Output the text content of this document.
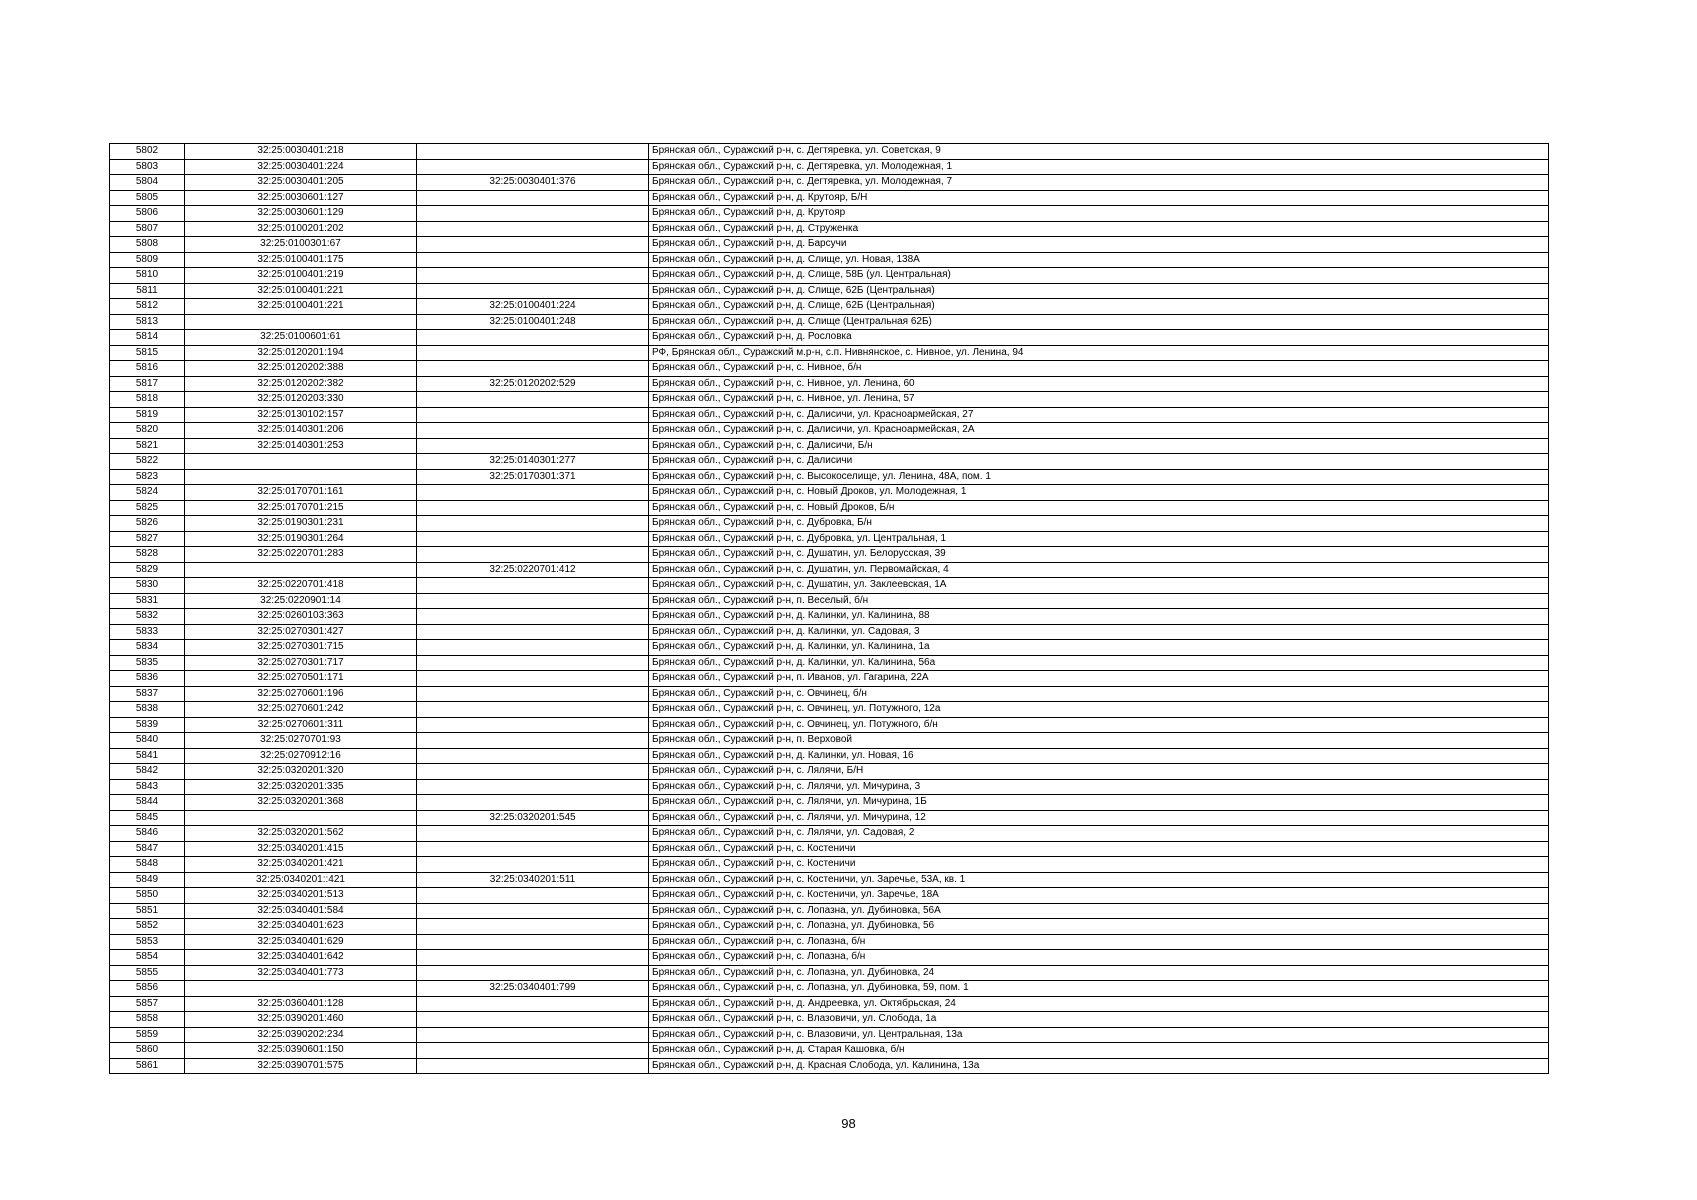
5802	32:25:0030401:218		Брянская обл., Суражский р-н, с. Дегтяревка, ул. Советская, 9
5803	32:25:0030401:224		Брянская обл., Суражский р-н, с. Дегтяревка, ул. Молодежная, 1
5804	32:25:0030401:205	32:25:0030401:376	Брянская обл., Суражский р-н, с. Дегтяревка, ул. Молодежная, 7
5805	32:25:0030601:127		Брянская обл., Суражский р-н, д. Крутояр, Б/Н
5806	32:25:0030601:129		Брянская обл., Суражский р-н, д. Крутояр
5807	32:25:0100201:202		Брянская обл., Суражский р-н, д. Струженка
5808	32:25:0100301:67		Брянская обл., Суражский р-н, д. Барсучи
5809	32:25:0100401:175		Брянская обл., Суражский р-н, д. Слище, ул. Новая, 138А
5810	32:25:0100401:219		Брянская обл., Суражский р-н, д. Слище, 58Б (ул. Центральная)
5811	32:25:0100401:221		Брянская обл., Суражский р-н, д. Слище, 62Б (Центральная)
5812	32:25:0100401:221	32:25:0100401:224	Брянская обл., Суражский р-н, д. Слище, 62Б (Центральная)
5813		32:25:0100401:248	Брянская обл., Суражский р-н, д. Слище (Центральная 62Б)
5814	32:25:0100601:61		Брянская обл., Суражский р-н, д. Рословка
5815	32:25:0120201:194		РФ, Брянская обл., Суражский м.р-н, с.п. Нивнянское, с. Нивное, ул. Ленина, 94
5816	32:25:0120202:388		Брянская обл., Суражский р-н, с. Нивное, б/н
5817	32:25:0120202:382	32:25:0120202:529	Брянская обл., Суражский р-н, с. Нивное, ул. Ленина, 60
5818	32:25:0120203:330		Брянская обл., Суражский р-н, с. Нивное, ул. Ленина, 57
5819	32:25:0130102:157		Брянская обл., Суражский р-н, с. Далисичи, ул. Красноармейская, 27
5820	32:25:0140301:206		Брянская обл., Суражский р-н, с. Далисичи, ул. Красноармейская, 2А
5821	32:25:0140301:253		Брянская обл., Суражский р-н, с. Далисичи, Б/н
5822		32:25:0140301:277	Брянская обл., Суражский р-н, с. Далисичи
5823		32:25:0170301:371	Брянская обл., Суражский р-н, с. Высокоселище, ул. Ленина, 48А, пом. 1
5824	32:25:0170701:161		Брянская обл., Суражский р-н, с. Новый Дроков, ул. Молодежная, 1
5825	32:25:0170701:215		Брянская обл., Суражский р-н, с. Новый Дроков, Б/н
5826	32:25:0190301:231		Брянская обл., Суражский р-н, с. Дубровка, Б/н
5827	32:25:0190301:264		Брянская обл., Суражский р-н, с. Дубровка, ул. Центральная, 1
5828	32:25:0220701:283		Брянская обл., Суражский р-н, с. Душатин, ул. Белорусская, 39
5829		32:25:0220701:412	Брянская обл., Суражский р-н, с. Душатин, ул. Первомайская, 4
5830	32:25:0220701:418		Брянская обл., Суражский р-н, с. Душатин, ул. Заклеевская, 1А
5831	32:25:0220901:14		Брянская обл., Суражский р-н, п. Веселый, б/н
5832	32:25:0260103:363		Брянская обл., Суражский р-н, д. Калинки, ул. Калинина, 88
5833	32:25:0270301:427		Брянская обл., Суражский р-н, д. Калинки, ул. Садовая, 3
5834	32:25:0270301:715		Брянская обл., Суражский р-н, д. Калинки, ул. Калинина, 1а
5835	32:25:0270301:717		Брянская обл., Суражский р-н, д. Калинки, ул. Калинина, 56а
5836	32:25:0270501:171		Брянская обл., Суражский р-н, п. Иванов, ул. Гагарина, 22А
5837	32:25:0270601:196		Брянская обл., Суражский р-н, с. Овчинец, б/н
5838	32:25:0270601:242		Брянская обл., Суражский р-н, с. Овчинец, ул. Потужного, 12а
5839	32:25:0270601:311		Брянская обл., Суражский р-н, с. Овчинец, ул. Потужного, б/н
5840	32:25:0270701:93		Брянская обл., Суражский р-н, п. Верховой
5841	32:25:0270912:16		Брянская обл., Суражский р-н, д. Калинки, ул. Новая, 16
5842	32:25:0320201:320		Брянская обл., Суражский р-н, с. Лялячи, Б/Н
5843	32:25:0320201:335		Брянская обл., Суражский р-н, с. Лялячи, ул. Мичурина, 3
5844	32:25:0320201:368		Брянская обл., Суражский р-н, с. Лялячи, ул. Мичурина, 1Б
5845		32:25:0320201:545	Брянская обл., Суражский р-н, с. Лялячи, ул. Мичурина, 12
5846	32:25:0320201:562		Брянская обл., Суражский р-н, с. Лялячи, ул. Садовая, 2
5847	32:25:0340201:415		Брянская обл., Суражский р-н, с. Костеничи
5848	32:25:0340201:421		Брянская обл., Суражский р-н, с. Костеничи
5849	32:25:0340201::421	32:25:0340201:511	Брянская обл., Суражский р-н, с. Костеничи, ул. Заречье, 53А, кв. 1
5850	32:25:0340201:513		Брянская обл., Суражский р-н, с. Костеничи, ул. Заречье, 18А
5851	32:25:0340401:584		Брянская обл., Суражский р-н, с. Лопазна, ул. Дубиновка, 56А
5852	32:25:0340401:623		Брянская обл., Суражский р-н, с. Лопазна, ул. Дубиновка, 56
5853	32:25:0340401:629		Брянская обл., Суражский р-н, с. Лопазна, б/н
5854	32:25:0340401:642		Брянская обл., Суражский р-н, с. Лопазна, б/н
5855	32:25:0340401:773		Брянская обл., Суражский р-н, с. Лопазна, ул. Дубиновка, 24
5856		32:25:0340401:799	Брянская обл., Суражский р-н, с. Лопазна, ул. Дубиновка, 59, пом. 1
5857	32:25:0360401:128		Брянская обл., Суражский р-н, д. Андреевка, ул. Октябрьская, 24
5858	32:25:0390201:460		Брянская обл., Суражский р-н, с. Влазовичи, ул. Слобода, 1а
5859	32:25:0390202:234		Брянская обл., Суражский р-н, с. Влазовичи, ул. Центральная, 13а
5860	32:25:0390601:150		Брянская обл., Суражский р-н, д. Старая Кашовка, б/н
5861	32:25:0390701:575		Брянская обл., Суражский р-н, д. Красная Слобода, ул. Калинина, 13а
98
